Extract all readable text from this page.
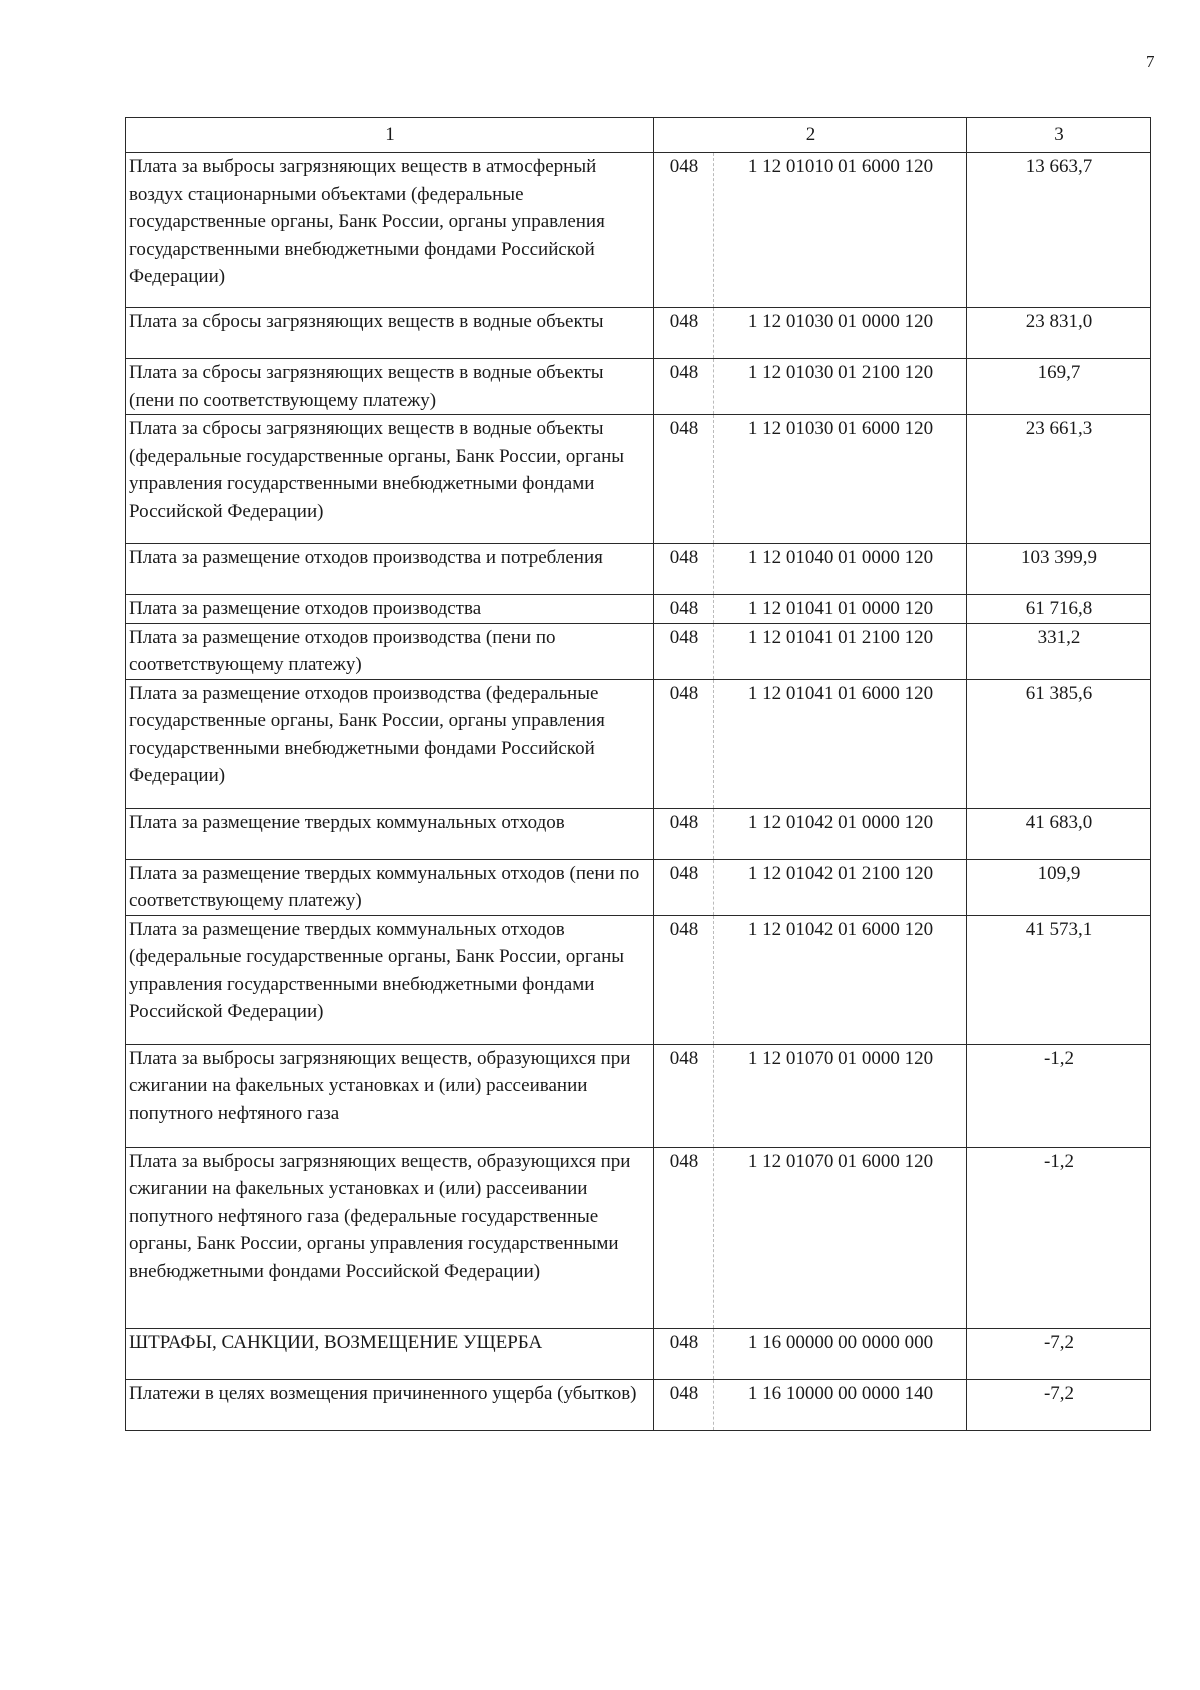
7
1	2		3
Плата за выбросы загрязняющих веществ в атмосферный воздух стационарными объектами (федеральные государственные органы, Банк России, органы управления государственными внебюджетными фондами Российской Федерации)	048	1 12 01010 01 6000 120	13 663,7
Плата за сбросы загрязняющих веществ в водные объекты	048	1 12 01030 01 0000 120	23 831,0
Плата за сбросы загрязняющих веществ в водные объекты (пени по соответствующему платежу)	048	1 12 01030 01 2100 120	169,7
Плата за сбросы загрязняющих веществ в водные объекты (федеральные государственные органы, Банк России, органы управления государственными внебюджетными фондами Российской Федерации)	048	1 12 01030 01 6000 120	23 661,3
Плата за размещение отходов производства и потребления	048	1 12 01040 01 0000 120	103 399,9
Плата за размещение отходов производства	048	1 12 01041 01 0000 120	61 716,8
Плата за размещение отходов производства (пени по соответствующему платежу)	048	1 12 01041 01 2100 120	331,2
Плата за размещение отходов производства (федеральные государственные органы, Банк России, органы управления государственными внебюджетными фондами Российской Федерации)	048	1 12 01041 01 6000 120	61 385,6
Плата за размещение твердых коммунальных отходов	048	1 12 01042 01 0000 120	41 683,0
Плата за размещение твердых коммунальных отходов (пени по соответствующему платежу)	048	1 12 01042 01 2100 120	109,9
Плата за размещение твердых коммунальных отходов (федеральные государственные органы, Банк России, органы управления государственными внебюджетными фондами Российской Федерации)	048	1 12 01042 01 6000 120	41 573,1
Плата за выбросы загрязняющих веществ, образующихся при сжигании на факельных установках и (или) рассеивании попутного нефтяного газа	048	1 12 01070 01 0000 120	-1,2
Плата за выбросы загрязняющих веществ, образующихся при сжигании на факельных установках и (или) рассеивании попутного нефтяного газа (федеральные государственные органы, Банк России, органы управления государственными внебюджетными фондами Российской Федерации)	048	1 12 01070 01 6000 120	-1,2
ШТРАФЫ, САНКЦИИ, ВОЗМЕЩЕНИЕ УЩЕРБА	048	1 16 00000 00 0000 000	-7,2
Платежи в целях возмещения причиненного ущерба (убытков)	048	1 16 10000 00 0000 140	-7,2
